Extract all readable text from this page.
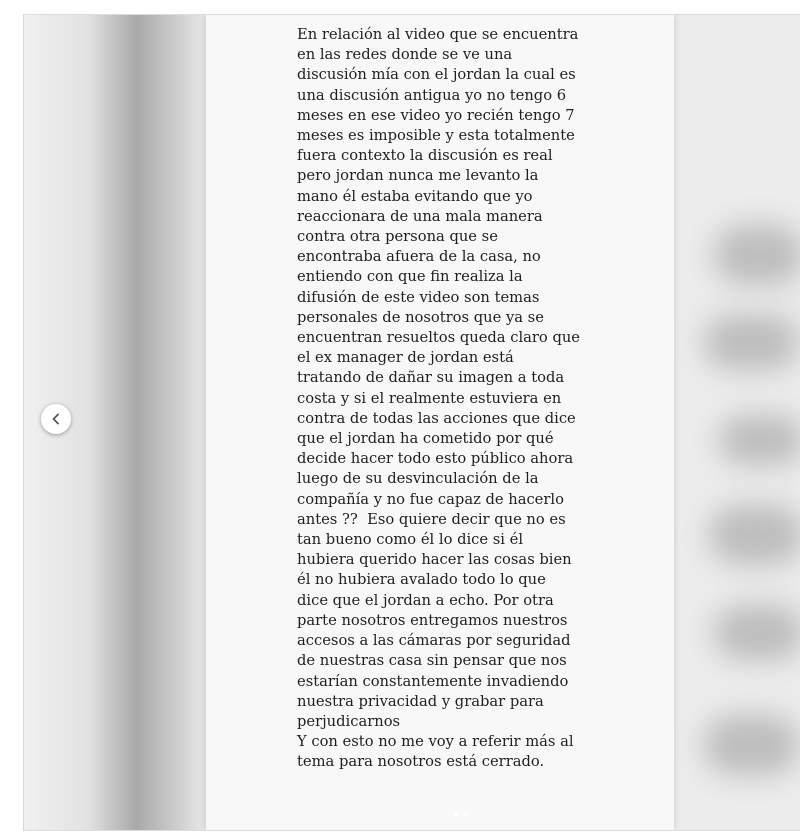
En relación al video que se encuentra
en las redes donde se ve una
discusión mía con el jordan la cual es
una discusión antigua yo no tengo 6
meses en ese video yo recién tengo 7
meses es imposible y esta totalmente
fuera contexto la discusión es real
pero jordan nunca me levanto la
mano él estaba evitando que yo
reaccionara de una mala manera
contra otra persona que se
encontraba afuera de la casa, no
entiendo con que fin realiza la
difusión de este video son temas
personales de nosotros que ya se
encuentran resueltos queda claro que
el ex manager de jordan está
tratando de dañar su imagen a toda
costa y si el realmente estuviera en
contra de todas las acciones que dice
que el jordan ha cometido por qué
decide hacer todo esto público ahora
luego de su desvinculación de la
compañía y no fue capaz de hacerlo
antes ??  Eso quiere decir que no es
tan bueno como él lo dice si él
hubiera querido hacer las cosas bien
él no hubiera avalado todo lo que
dice que el jordan a echo. Por otra
parte nosotros entregamos nuestros
accesos a las cámaras por seguridad
de nuestras casa sin pensar que nos
estarían constantemente invadiendo
nuestra privacidad y grabar para
perjudicarnos
Y con esto no me voy a referir más al
tema para nosotros está cerrado.
